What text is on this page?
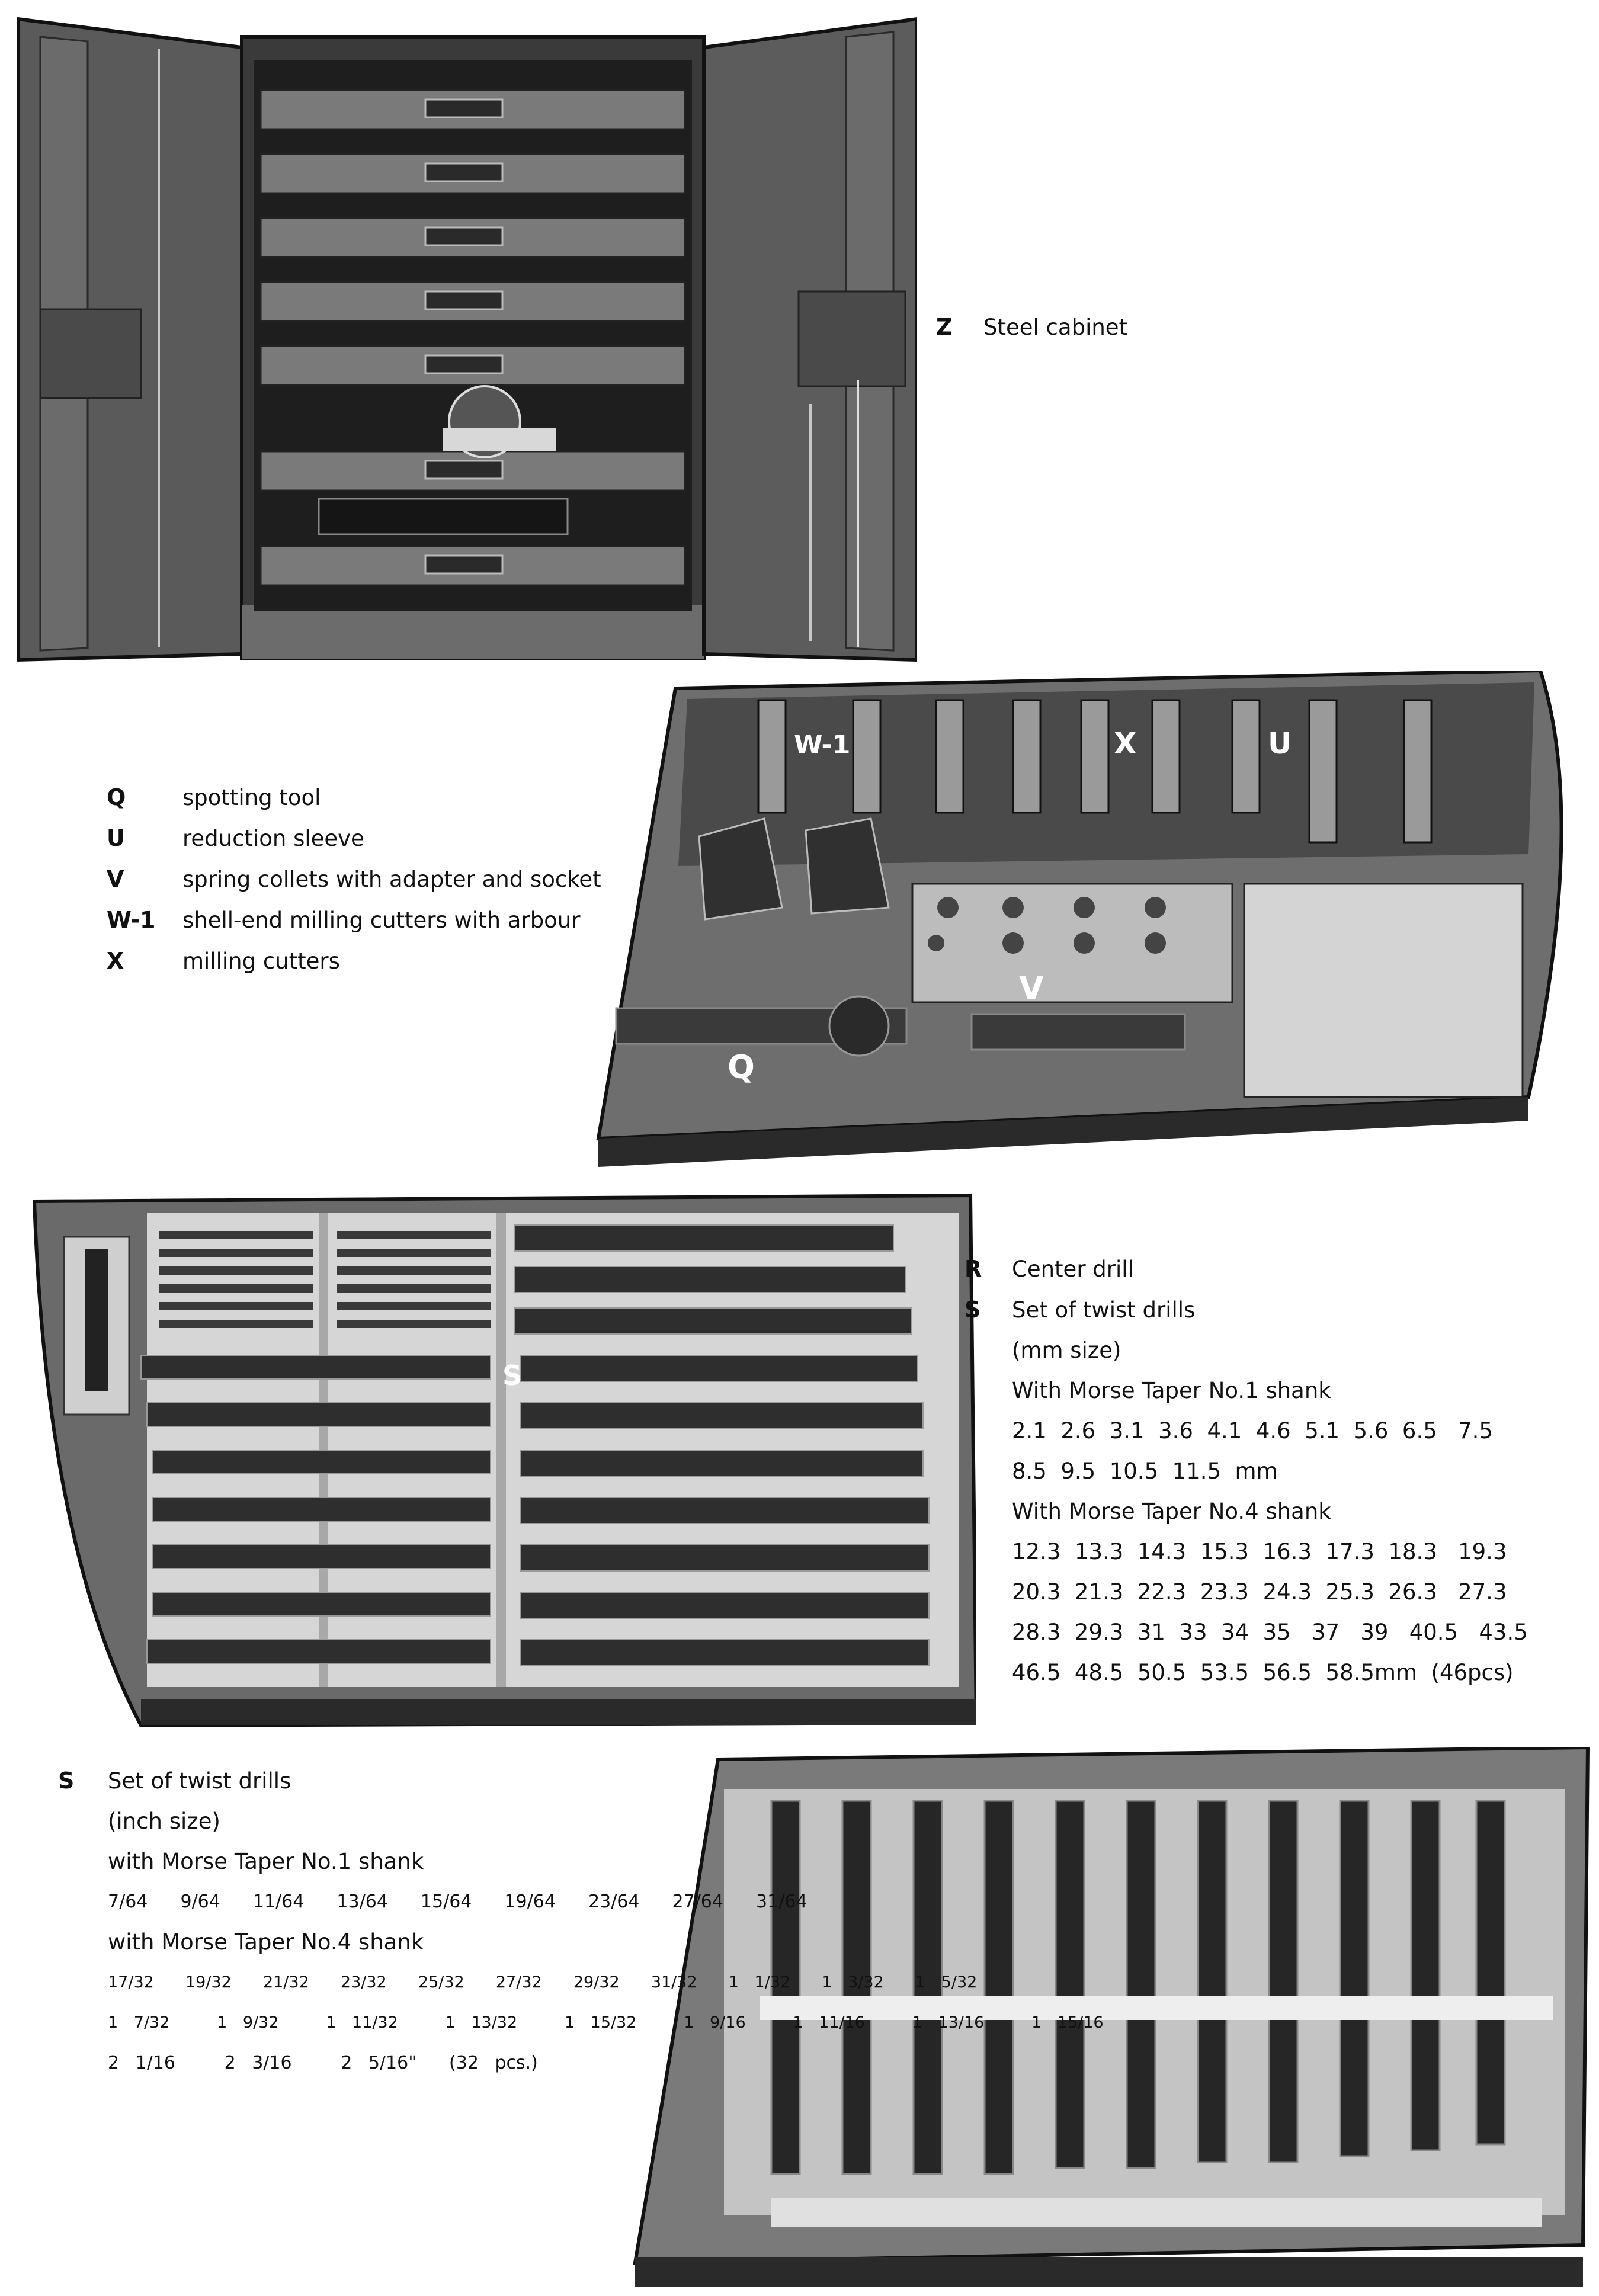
Z	Steel cabinet
W-1	X	U
Q
V
Q	spotting tool
U	reduction sleeve
V	spring collets with adapter and socket
W-1	shell-end milling cutters with arbour
X	milling cutters
S
R	Center drill
S	Set of twist drills
(mm size)
With Morse Taper No.1 shank
2.1  2.6  3.1  3.6  4.1  4.6  5.1  5.6  6.5   7.5
8.5  9.5  10.5  11.5  mm
With Morse Taper No.4 shank
12.3  13.3  14.3  15.3  16.3  17.3  18.3   19.3
20.3  21.3  22.3  23.3  24.3  25.3  26.3   27.3
28.3  29.3  31  33  34  35   37   39   40.5   43.5
46.5  48.5  50.5  53.5  56.5  58.5mm  (46pcs)
S	Set of twist drills
(inch size)
with Morse Taper No.1 shank
7/64  9/64  11/64  13/64  15/64  19/64  23/64  27/64  31/64
with Morse Taper No.4 shank
17/32  19/32  21/32  23/32  25/32  27/32  29/32  31/32  1 1/32  1 3/32  1 5/32
1 7/32   1 9/32   1 11/32   1 13/32   1 15/32   1 9/16   1 11/16   1 13/16   1 15/16
2 1/16   2 3/16   2 5/16"  (32 pcs.)
